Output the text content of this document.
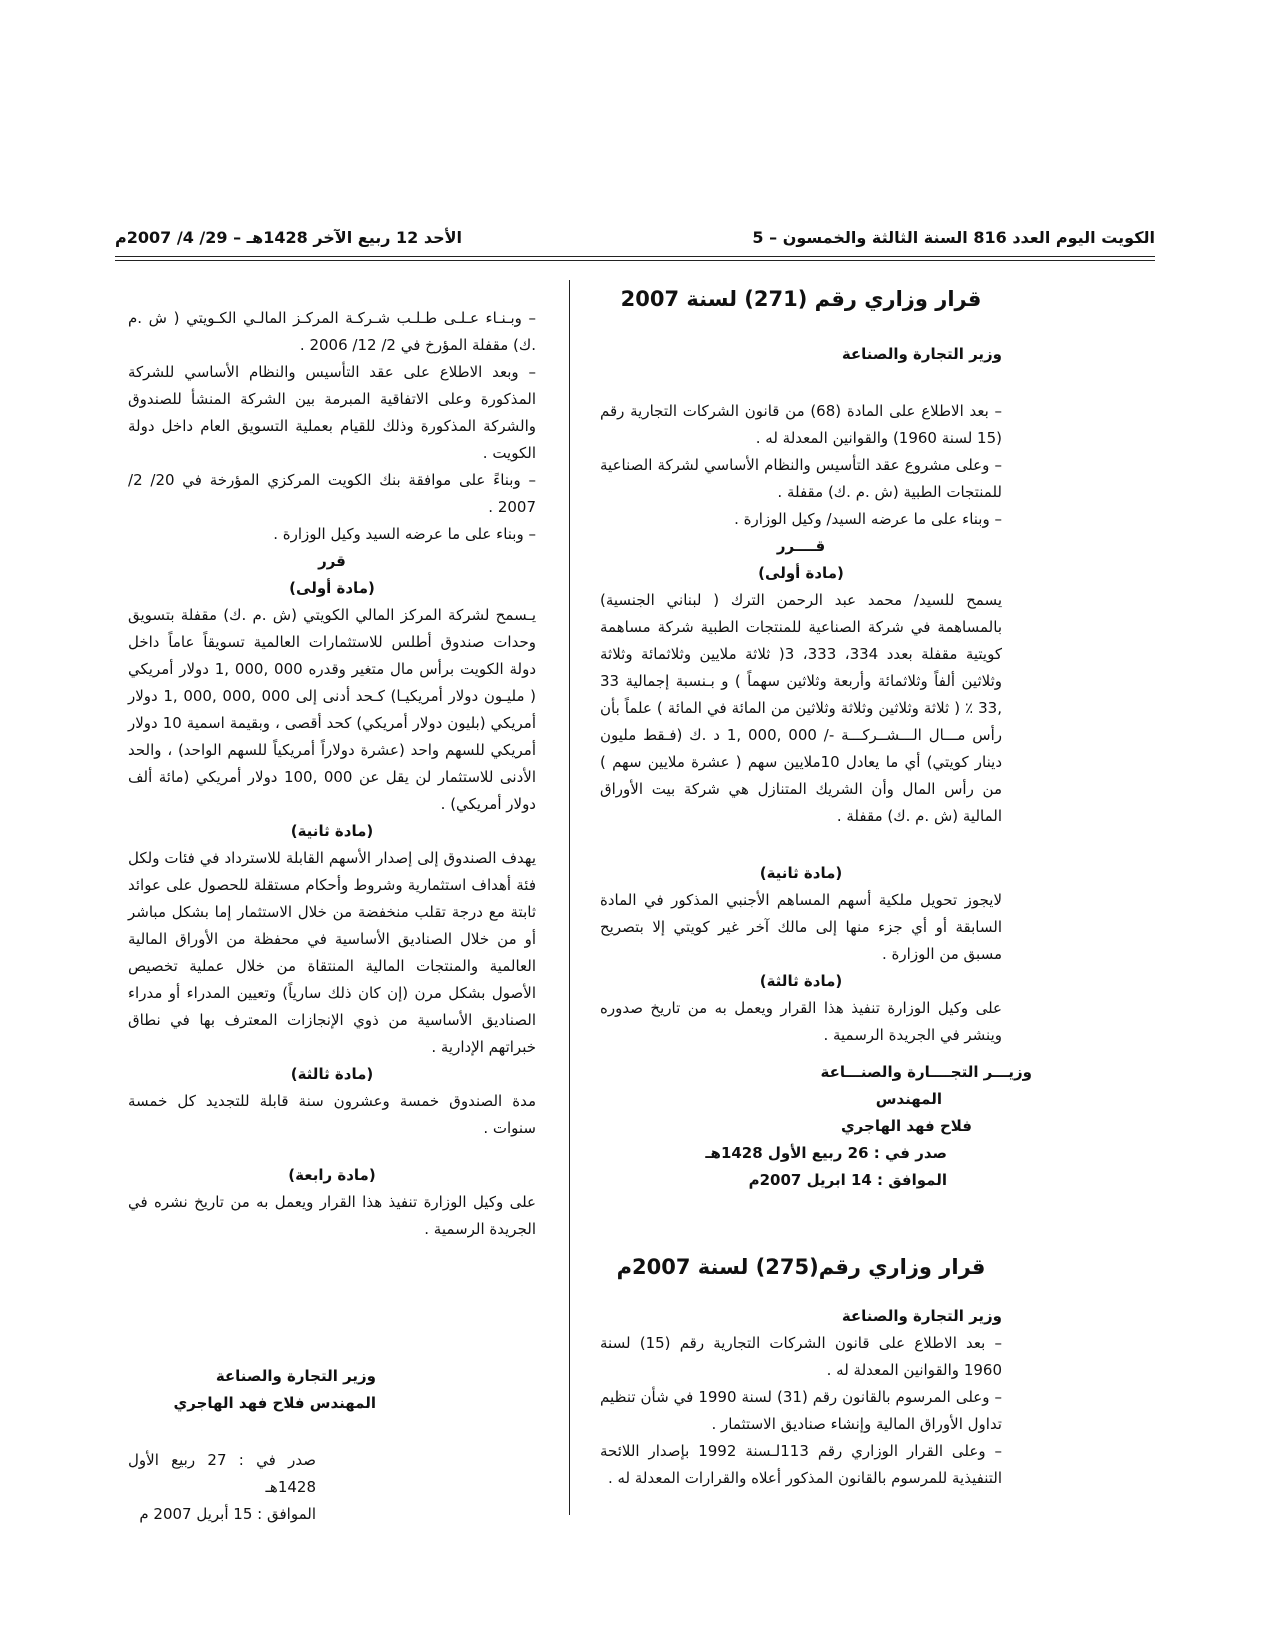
الكويت اليوم العدد 816 السنة الثالثة والخمسون – 5
الأحد 12 ربيع الآخر 1428هـ – 29/ 4/ 2007م
قرار وزاري رقم (271) لسنة 2007
وزير التجارة والصناعة

– بعد الاطلاع على المادة (68) من قانون الشركات التجارية رقم (15 لسنة 1960) والقوانين المعدلة له .

– وعلى مشروع عقد التأسيس والنظام الأساسي لشركة الصناعية للمنتجات الطبية (ش .م .ك) مقفلة .

– وبناء على ما عرضه السيد/ وكيل الوزارة .

قــــرر
(مادة أولى)

يسمح للسيد/ محمد عبد الرحمن الترك ( لبناني الجنسية) بالمساهمة في شركة الصناعية للمنتجات الطبية شركة مساهمة كويتية مقفلة بعدد 334، 333، 3( ثلاثة ملايين وثلاثمائة وثلاثة وثلاثين ألفاً وثلاثمائة وأربعة وثلاثين سهماً ) و بـنسبة إجمالية 33 ,33 ٪ ( ثلاثة وثلاثين وثلاثة وثلاثين من المائة في المائة ) علماً بأن رأس مـــال الـــشــركـــة -/ 000 ,000 ,1 د .ك (فـقط مليون دينار كويتي) أي ما يعادل 10ملايين سهم ( عشرة ملايين سهم ) من رأس المال وأن الشريك المتنازل هي شركة بيت الأوراق المالية (ش .م .ك) مقفلة .

(مادة ثانية)

لايجوز تحويل ملكية أسهم المساهم الأجنبي المذكور في المادة السابقة أو أي جزء منها إلى مالك آخر غير كويتي إلا بتصريح مسبق من الوزارة .

(مادة ثالثة)

على وكيل الوزارة تنفيذ هذا القرار ويعمل به من تاريخ صدوره وينشر في الجريدة الرسمية .

وزيـــر التجــــارة والصنـــاعة
المهندس
فلاح فهد الهاجري
صدر في : 26 ربيع الأول 1428هـ
الموافق : 14 ابريل 2007م
قرار وزاري رقم(275) لسنة 2007م
وزير التجارة والصناعة

– بعد الاطلاع على قانون الشركات التجارية رقم (15) لسنة 1960 والقوانين المعدلة له .

– وعلى المرسوم بالقانون رقم (31) لسنة 1990 في شأن تنظيم تداول الأوراق المالية وإنشاء صناديق الاستثمار .

– وعلى القرار الوزاري رقم 113لـسنة 1992 بإصدار اللائحة التنفيذية للمرسوم بالقانون المذكور أعلاه والقرارات المعدلة له .

– وبـنـاء عـلـى طـلـب شـركـة المركـز المالـي الكـويتي ( ش .م .ك) مقفلة المؤرخ في 2/ 12/ 2006 .

– وبعد الاطلاع على عقد التأسيس والنظام الأساسي للشركة المذكورة وعلى الاتفاقية المبرمة بين الشركة المنشأ للصندوق والشركة المذكورة وذلك للقيام بعملية التسويق العام داخل دولة الكويت .

– وبناءً على موافقة بنك الكويت المركزي المؤرخة في 20/ 2/ 2007 .

– وبناء على ما عرضه السيد وكيل الوزارة .

قرر
(مادة أولى)

يـسمح لشركة المركز المالي الكويتي (ش .م .ك) مقفلة بتسويق وحدات صندوق أطلس للاستثمارات العالمية تسويقاً عاماً داخل دولة الكويت برأس مال متغير وقدره 000 ,000 ,1 دولار أمريكي ( مليـون دولار أمريكيـا) كـحد أدنى إلى 000 ,000 ,000 ,1 دولار أمريكي (بليون دولار أمريكي) كحد أقصى ، وبقيمة اسمية 10 دولار أمريكي للسهم واحد (عشرة دولاراً أمريكياً للسهم الواحد) ، والحد الأدنى للاستثمار لن يقل عن 000 ,100 دولار أمريكي (مائة ألف دولار أمريكي) .

(مادة ثانية)

يهدف الصندوق إلى إصدار الأسهم القابلة للاسترداد في فئات ولكل فئة أهداف استثمارية وشروط وأحكام مستقلة للحصول على عوائد ثابتة مع درجة تقلب منخفضة من خلال الاستثمار إما بشكل مباشر أو من خلال الصناديق الأساسية في محفظة من الأوراق المالية العالمية والمنتجات المالية المنتقاة من خلال عملية تخصيص الأصول بشكل مرن (إن كان ذلك سارياً) وتعيين المدراء أو مدراء الصناديق الأساسية من ذوي الإنجازات المعترف بها في نطاق خبراتهم الإدارية .

(مادة ثالثة)

مدة الصندوق خمسة وعشرون سنة قابلة للتجديد كل خمسة سنوات .

(مادة رابعة)

على وكيل الوزارة تنفيذ هذا القرار ويعمل به من تاريخ نشره في الجريدة الرسمية .

وزير التجارة والصناعة
المهندس فلاح فهد الهاجري
صدر في : 27 ربيع الأول 1428هـ
الموافق : 15 أبريل 2007 م
